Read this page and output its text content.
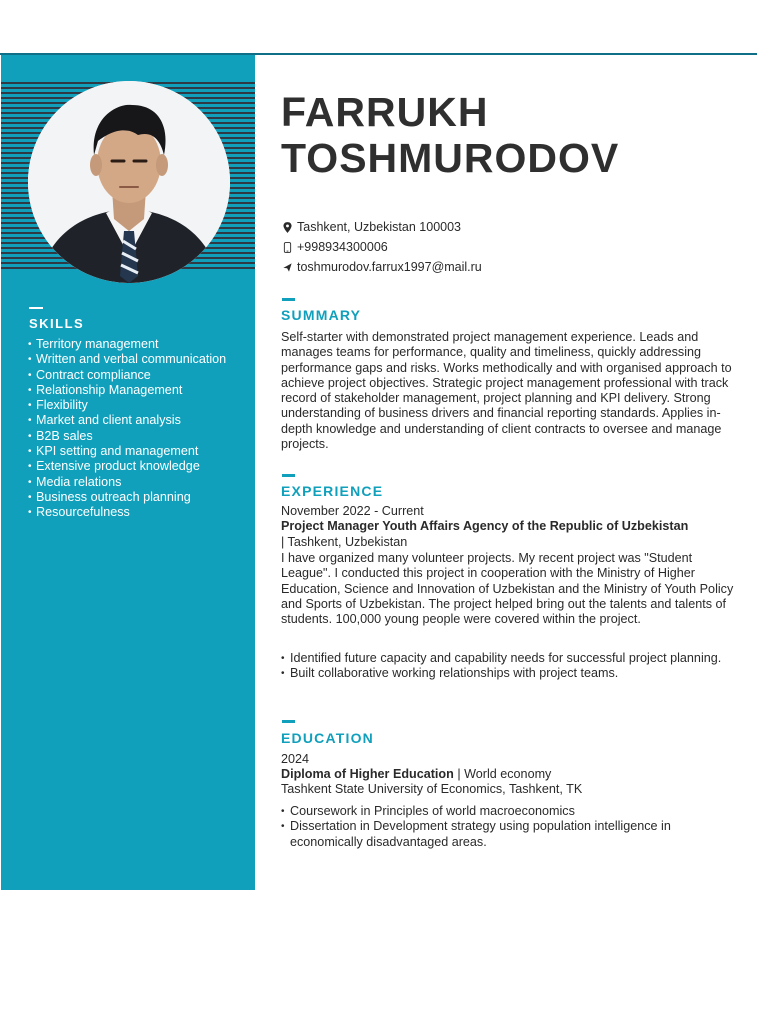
SKILLS
• Territory management
• Written and verbal communication
• Contract compliance
• Relationship Management
• Flexibility
• Market and client analysis
• B2B sales
• KPI setting and management
• Extensive product knowledge
• Media relations
• Business outreach planning
• Resourcefulness
FARRUKH
TOSHMURODOV
Tashkent, Uzbekistan 100003
+998934300006
toshmurodov.farrux1997@mail.ru
SUMMARY

Self-starter with demonstrated project management experience. Leads and manages teams for performance, quality and timeliness, quickly addressing performance gaps and risks. Works methodically and with organised approach to achieve project objectives. Strategic project management professional with track record of stakeholder management, project planning and KPI delivery. Strong understanding of business drivers and financial reporting standards. Applies in-depth knowledge and understanding of client contracts to oversee and manage projects.

EXPERIENCE

November 2022 - Current

Project Manager Youth Affairs Agency of the Republic of Uzbekistan

| Tashkent, Uzbekistan

I have organized many volunteer projects. My recent project was "Student League". I conducted this project in cooperation with the Ministry of Higher Education, Science and Innovation of Uzbekistan and the Ministry of Youth Policy and Sports of Uzbekistan. The project helped bring out the talents and talents of students. 100,000 young people were covered within the project.

• Identified future capacity and capability needs for successful project planning.
• Built collaborative working relationships with project teams.
EDUCATION

2024

Diploma of Higher Education | World economy

Tashkent State University of Economics, Tashkent, TK

• Coursework in Principles of world macroeconomics
• Dissertation in Development strategy using population intelligence in economically disadvantaged areas.
